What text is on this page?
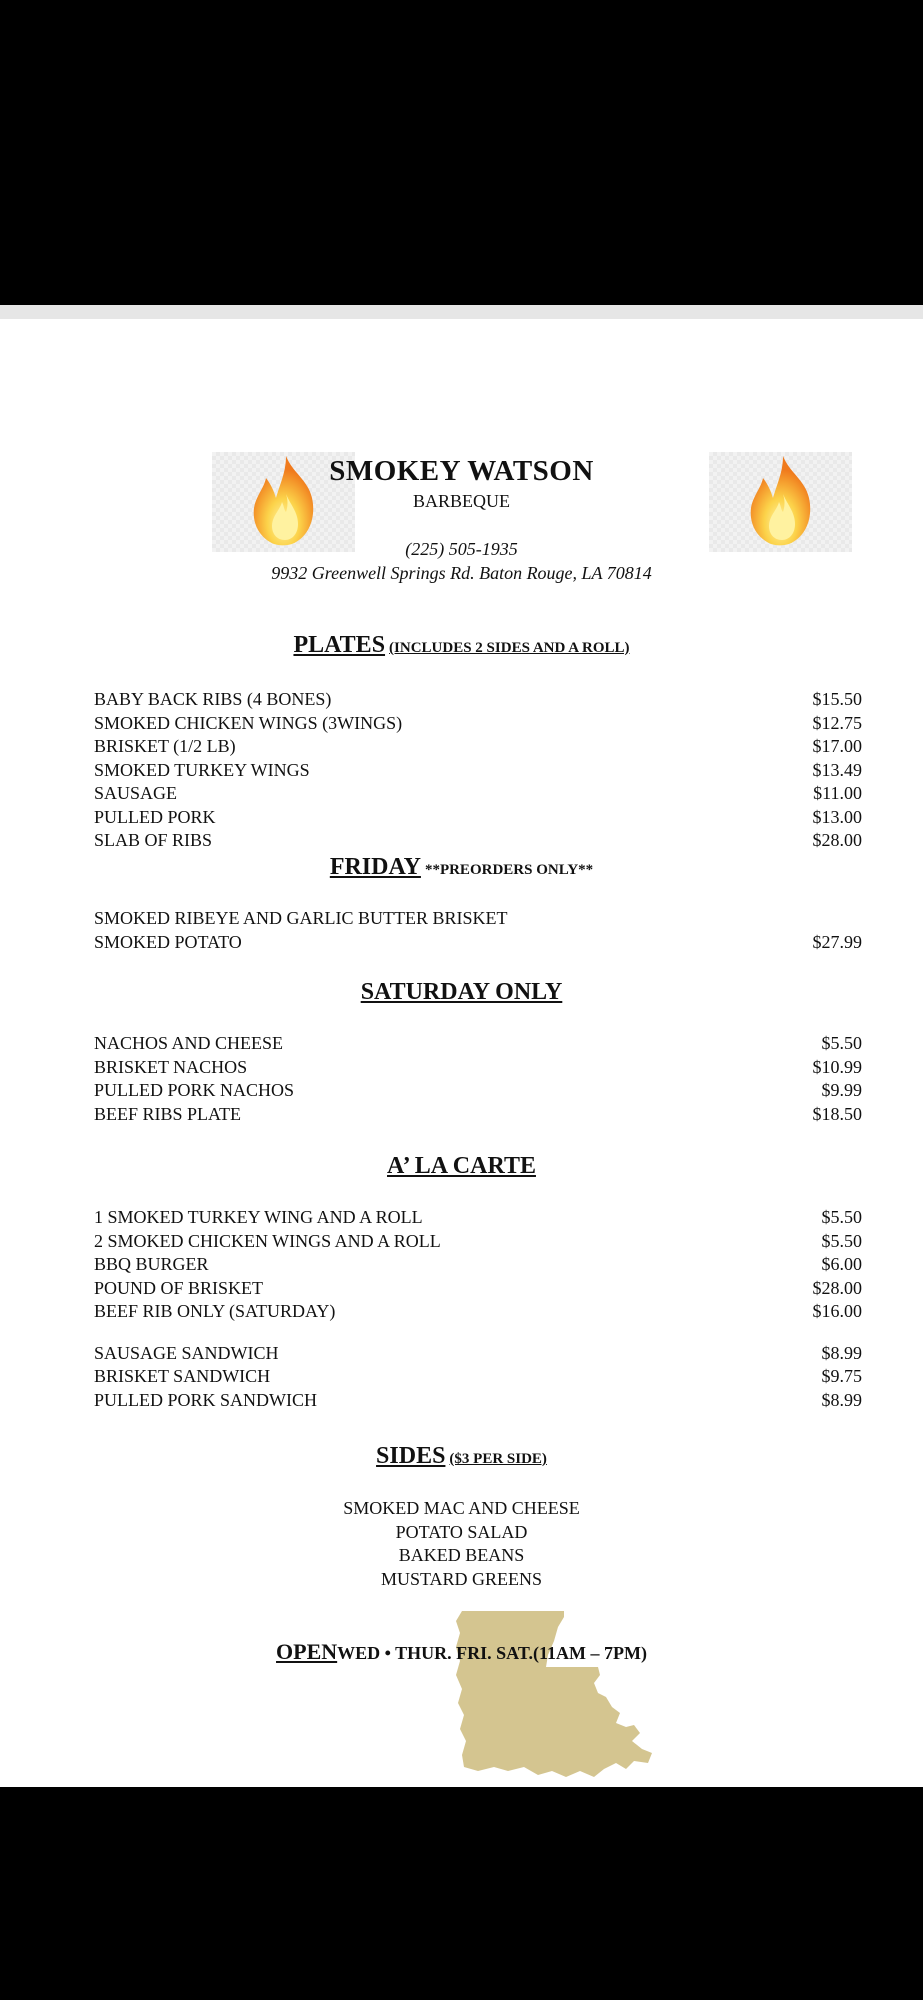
SMOKEY WATSON
BARBEQUE
(225) 505-1935
9932 Greenwell Springs Rd. Baton Rouge, LA 70814
PLATES (INCLUDES 2 SIDES AND A ROLL)
BABY BACK RIBS (4 BONES)	$15.50
SMOKED CHICKEN WINGS (3WINGS)	$12.75
BRISKET (1/2 LB)	$17.00
SMOKED TURKEY WINGS	$13.49
SAUSAGE	$11.00
PULLED PORK	$13.00
SLAB OF RIBS	$28.00
FRIDAY **PREORDERS ONLY**
SMOKED RIBEYE AND GARLIC BUTTER BRISKET
SMOKED POTATO	$27.99
SATURDAY ONLY
NACHOS AND CHEESE	$5.50
BRISKET NACHOS	$10.99
PULLED PORK NACHOS	$9.99
BEEF RIBS PLATE	$18.50
A’ LA CARTE
1 SMOKED TURKEY WING AND A ROLL	$5.50
2 SMOKED CHICKEN WINGS AND A ROLL	$5.50
BBQ BURGER	$6.00
POUND OF BRISKET	$28.00
BEEF RIB ONLY (SATURDAY)	$16.00
SAUSAGE SANDWICH	$8.99
BRISKET SANDWICH	$9.75
PULLED PORK SANDWICH	$8.99
SIDES ($3 PER SIDE)
SMOKED MAC AND CHEESE
POTATO SALAD
BAKED BEANS
MUSTARD GREENS
OPENWED • THUR. FRI. SAT.(11AM – 7PM)
